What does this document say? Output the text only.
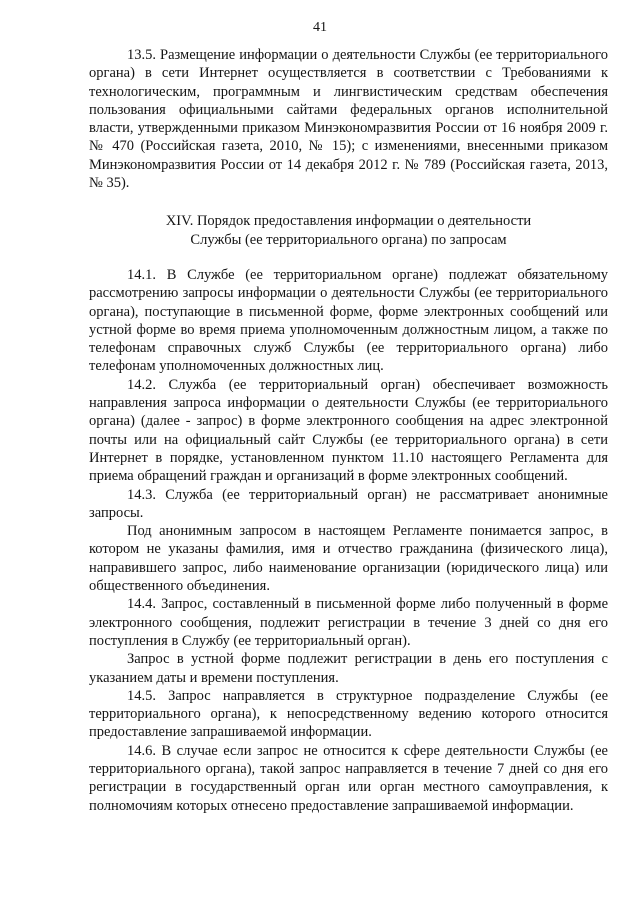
41

13.5. Размещение информации о деятельности Службы (ее территориального органа) в сети Интернет осуществляется в соответствии с Требованиями к технологическим, программным и лингвистическим средствам обеспечения пользования официальными сайтами федеральных органов исполнительной власти, утвержденными приказом Минэкономразвития России от 16 ноября 2009 г. № 470 (Российская газета, 2010, № 15); с изменениями, внесенными приказом Минэкономразвития России от 14 декабря 2012 г. № 789 (Российская газета, 2013, № 35).

XIV. Порядок предоставления информации о деятельности
Службы (ее территориального органа) по запросам

14.1. В Службе (ее территориальном органе) подлежат обязательному рассмотрению запросы информации о деятельности Службы (ее территориального органа), поступающие в письменной форме, форме электронных сообщений или устной форме во время приема уполномоченным должностным лицом, а также по телефонам справочных служб Службы (ее территориального органа) либо телефонам уполномоченных должностных лиц.

14.2. Служба (ее территориальный орган) обеспечивает возможность направления запроса информации о деятельности Службы (ее территориального органа) (далее - запрос) в форме электронного сообщения на адрес электронной почты или на официальный сайт Службы (ее территориального органа) в сети Интернет в порядке, установленном пунктом 11.10 настоящего Регламента для приема обращений граждан и организаций в форме электронных сообщений.

14.3. Служба (ее территориальный орган) не рассматривает анонимные запросы.

Под анонимным запросом в настоящем Регламенте понимается запрос, в котором не указаны фамилия, имя и отчество гражданина (физического лица), направившего запрос, либо наименование организации (юридического лица) или общественного объединения.

14.4. Запрос, составленный в письменной форме либо полученный в форме электронного сообщения, подлежит регистрации в течение 3 дней со дня его поступления в Службу (ее территориальный орган).

Запрос в устной форме подлежит регистрации в день его поступления с указанием даты и времени поступления.

14.5. Запрос направляется в структурное подразделение Службы (ее территориального органа), к непосредственному ведению которого относится предоставление запрашиваемой информации.

14.6. В случае если запрос не относится к сфере деятельности Службы (ее территориального органа), такой запрос направляется в течение 7 дней со дня его регистрации в государственный орган или орган местного самоуправления, к полномочиям которых отнесено предоставление запрашиваемой информации.
